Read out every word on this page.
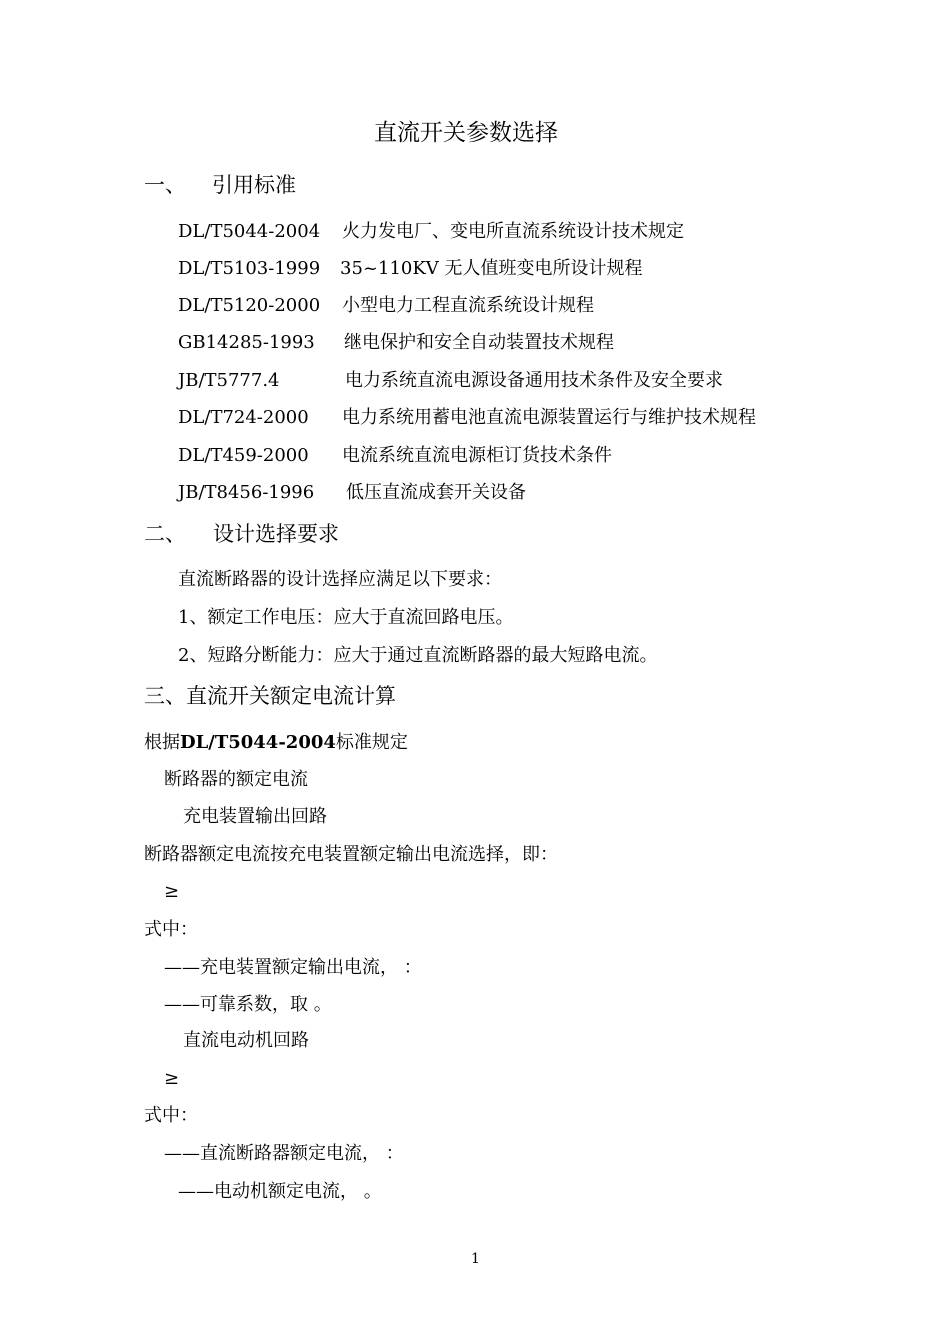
直流开关参数选择
一、 引用标准
DL/T5044-2004 火力发电厂、变电所直流系统设计技术规定
DL/T5103-1999 35~110KV 无人值班变电所设计规程
DL/T5120-2000 小型电力工程直流系统设计规程
GB14285-1993 继电保护和安全自动装置技术规程
JB/T5777.4	电力系统直流电源设备通用技术条件及安全要求
DL/T724-2000 电力系统用蓄电池直流电源装置运行与维护技术规程
DL/T459-2000 电流系统直流电源柜订货技术条件
JB/T8456-1996 低压直流成套开关设备
二、 设计选择要求
直流断路器的设计选择应满足以下要求：
1、额定工作电压：应大于直流回路电压。
2、短路分断能力：应大于通过直流断路器的最大短路电流。
三、直流开关额定电流计算
根据DL/T5044-2004标准规定
断路器的额定电流
充电装置输出回路
断路器额定电流按充电装置额定输出电流选择，即：
≥
式中：
——充电装置额定输出电流， ：
——可靠系数，取 。
直流电动机回路
≥
式中：
——直流断路器额定电流， ：
——电动机额定电流， 。
1
